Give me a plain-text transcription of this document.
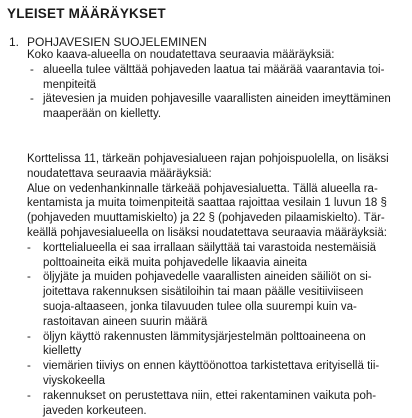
YLEISET MÄÄRÄYKSET
1. POHJAVESIEN SUOJELEMINEN

Koko kaava-alueella on noudatettava seuraavia määräyksiä:

- alueella tulee välttää pohjaveden laatua tai määrää vaarantavia toi-
menpiteitä
- jätevesien ja muiden pohjavesille vaarallisten aineiden imeyttäminen
maaperään on kielletty.
Korttelissa 11, tärkeän pohjavesialueen rajan pohjoispuolella, on lisäksi
noudatettava seuraavia määräyksiä:
Alue on vedenhankinnalle tärkeää pohjavesialuetta. Tällä alueella ra-
kentamista ja muita toimenpiteitä saattaa rajoittaa vesilain 1 luvun 18 §
(pohjaveden muuttamiskielto) ja 22 § (pohjaveden pilaamiskielto). Tär-
keällä pohjavesialueella on lisäksi noudatettava seuraavia määräyksiä:
- korttelialueella ei saa irrallaan säilyttää tai varastoida nestemäisiä
polttoaineita eikä muita pohjavedelle likaavia aineita
- öljyjäte ja muiden pohjavedelle vaarallisten aineiden säiliöt on si-
joitettava rakennuksen sisätiloihin tai maan päälle vesitiiviiseen
suoja-altaaseen, jonka tilavuuden tulee olla suurempi kuin va-
rastoitavan aineen suurin määrä
- öljyn käyttö rakennusten lämmitysjärjestelmän polttoaineena on
kielletty
- viemärien tiiviys on ennen käyttöönottoa tarkistettava erityisellä tii-
viyskokeella
- rakennukset on perustettava niin, ettei rakentaminen vaikuta poh-
javeden korkeuteen.
